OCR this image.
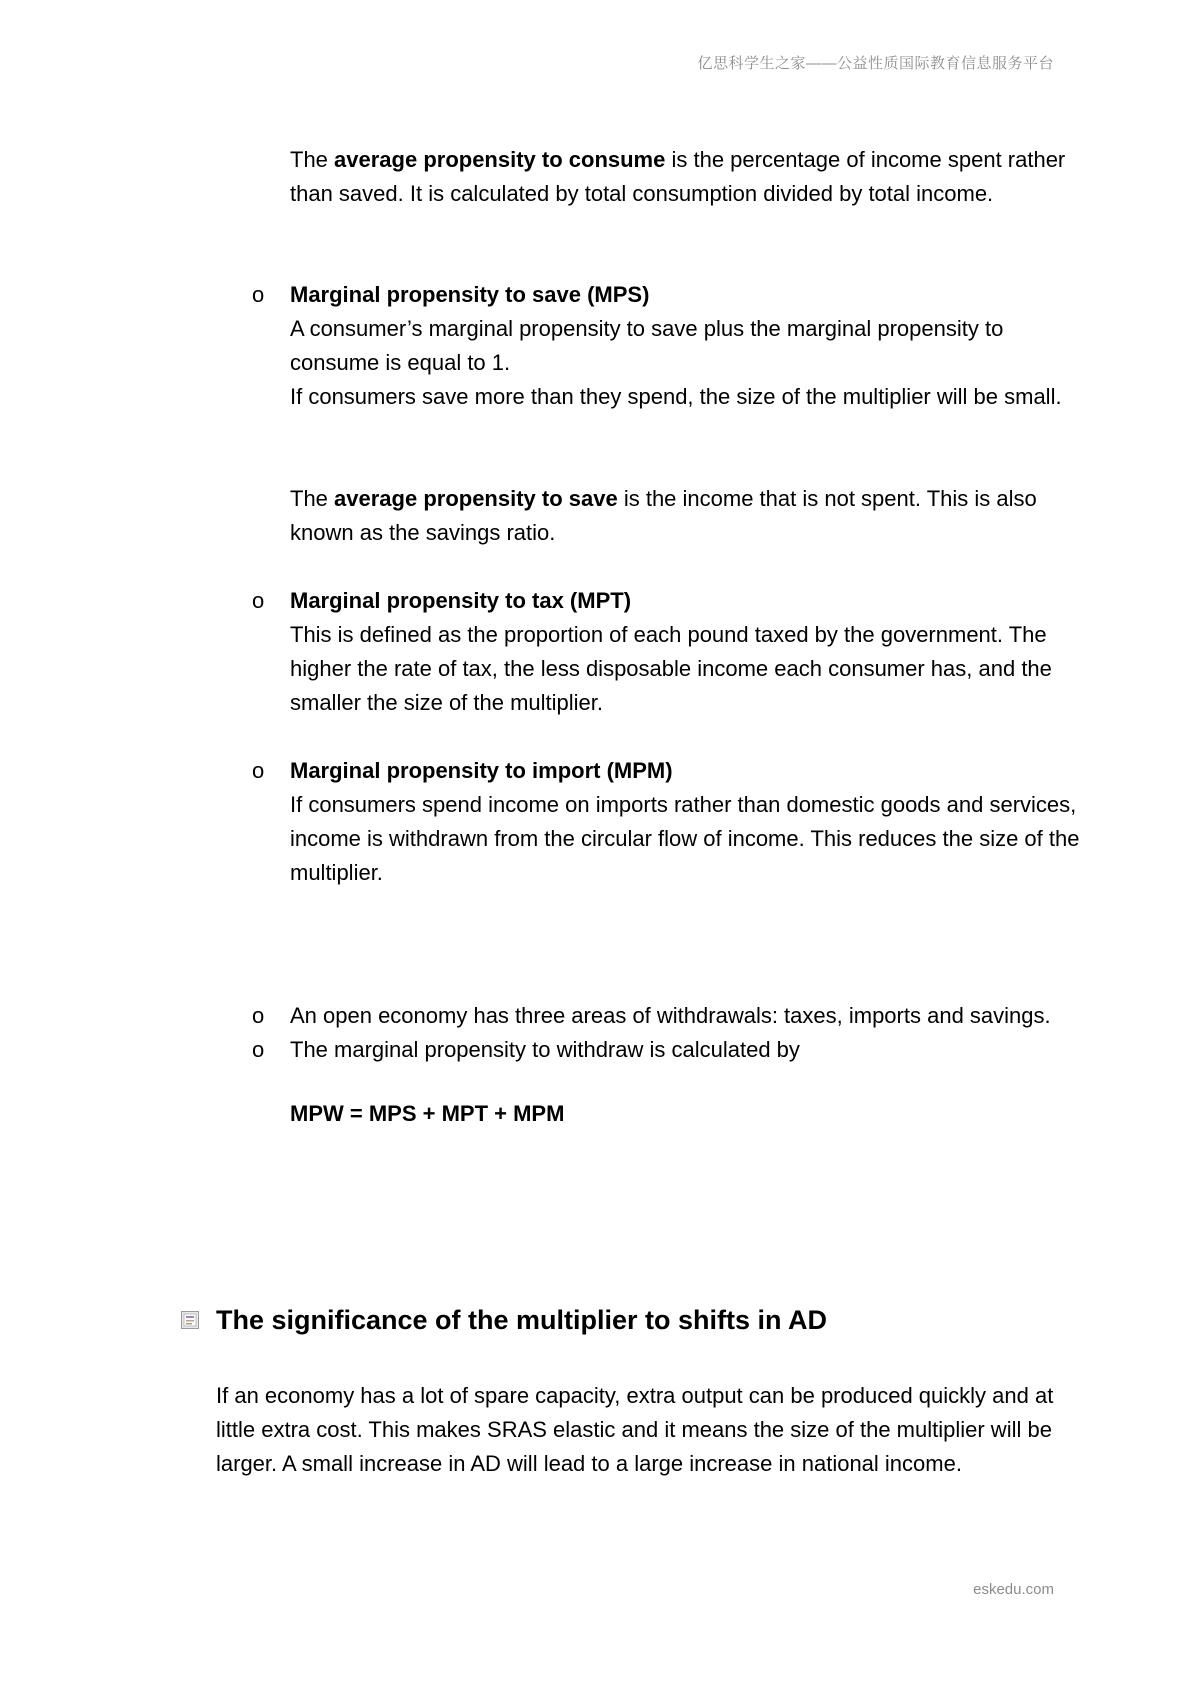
亿思科学生之家——公益性质国际教育信息服务平台

The average propensity to consume is the percentage of income spent rather than saved. It is calculated by total consumption divided by total income.

o Marginal propensity to save (MPS)

A consumer’s marginal propensity to save plus the marginal propensity to consume is equal to 1.

If consumers save more than they spend, the size of the multiplier will be small.

The average propensity to save is the income that is not spent. This is also known as the savings ratio.

o Marginal propensity to tax (MPT)

This is defined as the proportion of each pound taxed by the government. The higher the rate of tax, the less disposable income each consumer has, and the smaller the size of the multiplier.

o Marginal propensity to import (MPM)

If consumers spend income on imports rather than domestic goods and services, income is withdrawn from the circular flow of income. This reduces the size of the multiplier.

o An open economy has three areas of withdrawals: taxes, imports and savings.

o The marginal propensity to withdraw is calculated by

MPW = MPS + MPT + MPM
The significance of the multiplier to shifts in AD

If an economy has a lot of spare capacity, extra output can be produced quickly and at little extra cost. This makes SRAS elastic and it means the size of the multiplier will be larger. A small increase in AD will lead to a large increase in national income.

eskedu.com
